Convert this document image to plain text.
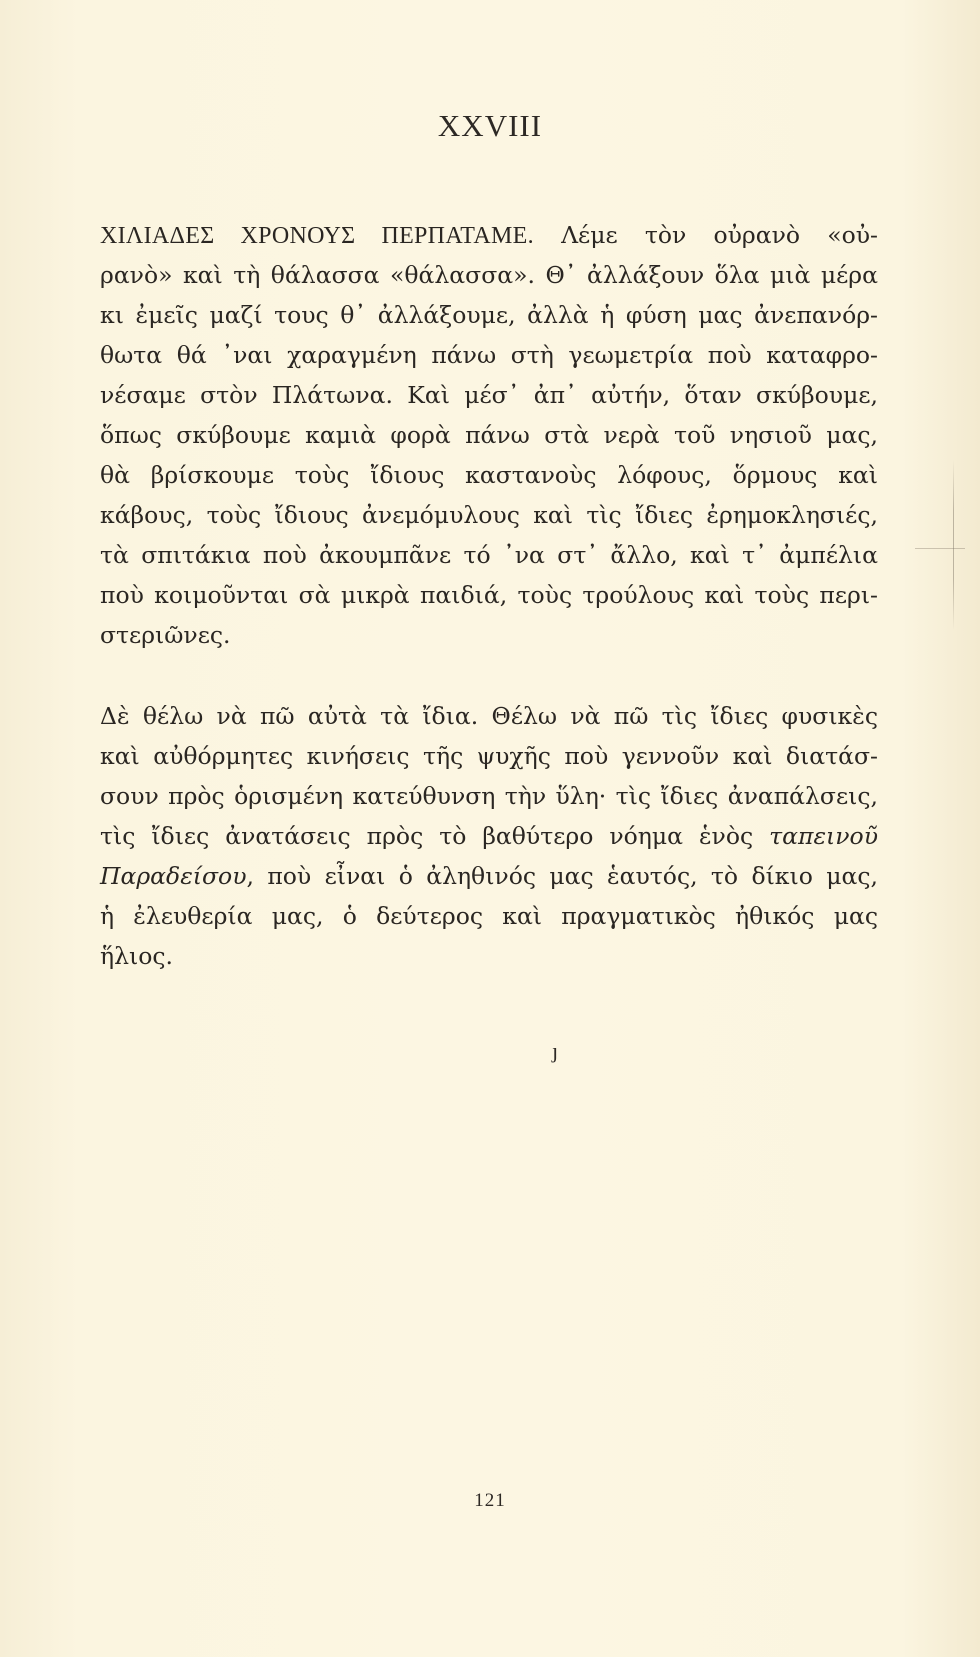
XXVIII
ΧΙΛΙΑΔΕΣ ΧΡΟΝΟΥΣ ΠΕΡΠΑΤΑΜΕ. Λέμε τὸν οὐρανὸ «οὐ-
ρανὸ» καὶ τὴ θάλασσα «θάλασσα». Θ᾽ ἀλλάξουν ὅλα μιὰ μέρα
κι ἐμεῖς μαζί τους θ᾽ ἀλλάξουμε, ἀλλὰ ἡ φύση μας ἀνεπανόρ-
θωτα θά ᾽ναι χαραγμένη πάνω στὴ γεωμετρία ποὺ καταφρο-
νέσαμε στὸν Πλάτωνα. Καὶ μέσ᾽ ἀπ᾽ αὐτήν, ὅταν σκύβουμε,
ὅπως σκύβουμε καμιὰ φορὰ πάνω στὰ νερὰ τοῦ νησιοῦ μας,
θὰ βρίσκουμε τοὺς ἴδιους καστανοὺς λόφους, ὅρμους καὶ
κάβους, τοὺς ἴδιους ἀνεμόμυλους καὶ τὶς ἴδιες ἐρημοκλησιές,
τὰ σπιτάκια ποὺ ἀκουμπᾶνε τό ᾽να στ᾽ ἄλλο, καὶ τ᾽ ἀμπέλια
ποὺ κοιμοῦνται σὰ μικρὰ παιδιά, τοὺς τρούλους καὶ τοὺς περι-
στεριῶνες.
Δὲ θέλω νὰ πῶ αὐτὰ τὰ ἴδια. Θέλω νὰ πῶ τὶς ἴδιες φυσικὲς
καὶ αὐθόρμητες κινήσεις τῆς ψυχῆς ποὺ γεννοῦν καὶ διατάσ-
σουν πρὸς ὁρισμένη κατεύθυνση τὴν ὕλη· τὶς ἴδιες ἀναπάλσεις,
τὶς ἴδιες ἀνατάσεις πρὸς τὸ βαθύτερο νόημα ἑνὸς ταπεινοῦ
Παραδείσου, ποὺ εἶναι ὁ ἀληθινός μας ἑαυτός, τὸ δίκιο μας,
ἡ ἐλευθερία μας, ὁ δεύτερος καὶ πραγματικὸς ἠθικός μας
ἥλιος.
ȷ
121
